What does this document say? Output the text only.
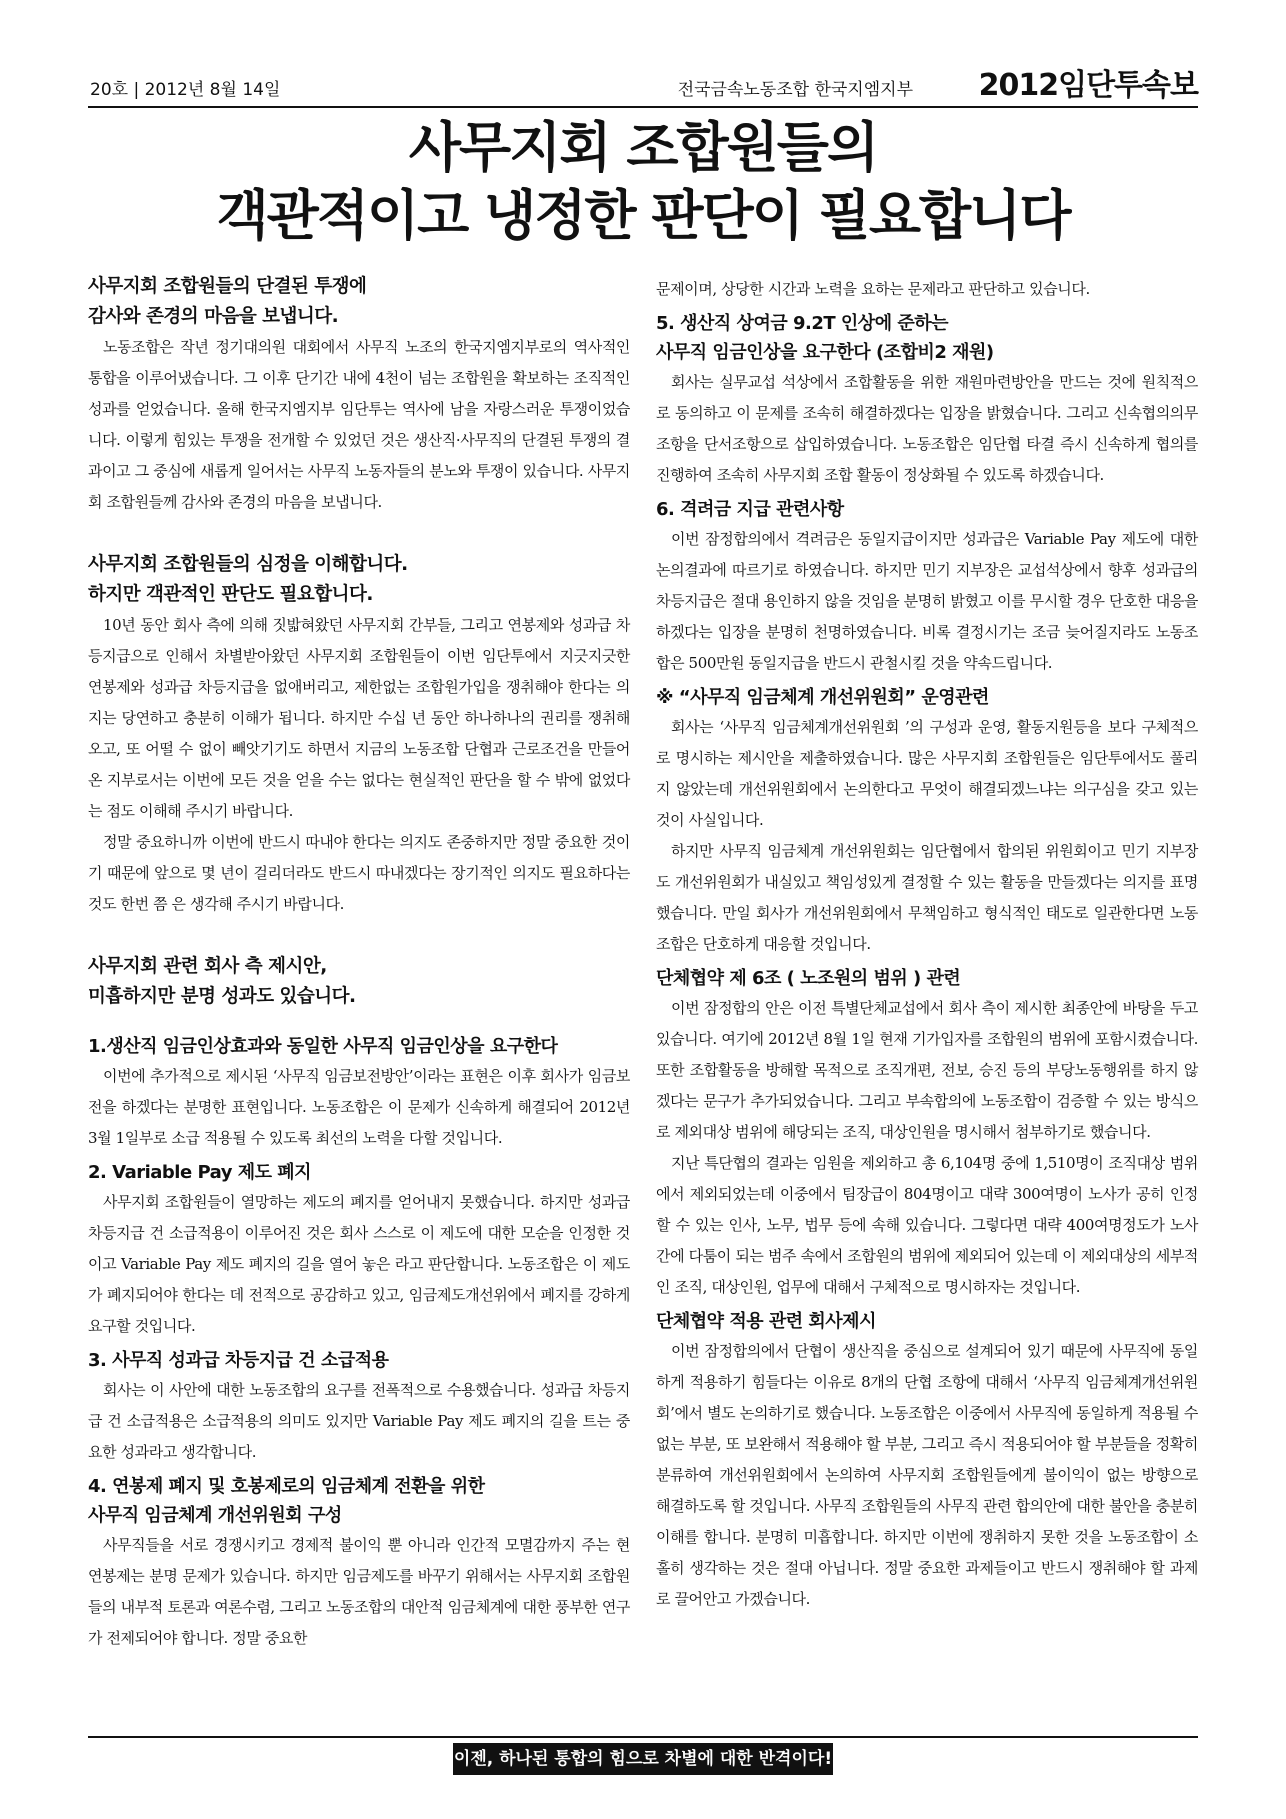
20호 | 2012년 8월 14일	전국금속노동조합 한국지엠지부 2012임단투속보
사무지회 조합원들의
객관적이고 냉정한 판단이 필요합니다
사무지회 조합원들의 단결된 투쟁에
감사와 존경의 마음을 보냅니다.
노동조합은 작년 정기대의원 대회에서 사무직 노조의 한국지엠지부로의 역사적인 통합을 이루어냈습니다. 그 이후 단기간 내에 4천이 넘는 조합원을 확보하는 조직적인 성과를 얻었습니다. 올해 한국지엠지부 임단투는 역사에 남을 자랑스러운 투쟁이었습니다. 이렇게 힘있는 투쟁을 전개할 수 있었던 것은 생산직·사무직의 단결된 투쟁의 결과이고 그 중심에 새롭게 일어서는 사무직 노동자들의 분노와 투쟁이 있습니다. 사무지회 조합원들께 감사와 존경의 마음을 보냅니다.
사무지회 조합원들의 심정을 이해합니다.
하지만 객관적인 판단도 필요합니다.
10년 동안 회사 측에 의해 짓밟혀왔던 사무지회 간부들, 그리고 연봉제와 성과급 차등지급으로 인해서 차별받아왔던 사무지회 조합원들이 이번 임단투에서 지긋지긋한 연봉제와 성과급 차등지급을 없애버리고, 제한없는 조합원가입을 쟁취해야 한다는 의지는 당연하고 충분히 이해가 됩니다. 하지만 수십 년 동안 하나하나의 권리를 쟁취해오고, 또 어떨 수 없이 빼앗기기도 하면서 지금의 노동조합 단협과 근로조건을 만들어 온 지부로서는 이번에 모든 것을 얻을 수는 없다는 현실적인 판단을 할 수 밖에 없었다는 점도 이해해 주시기 바랍니다.
정말 중요하니까 이번에 반드시 따내야 한다는 의지도 존중하지만 정말 중요한 것이기 때문에 앞으로 몇 년이 걸리더라도 반드시 따내겠다는 장기적인 의지도 필요하다는 것도 한번 쯤 은 생각해 주시기 바랍니다.
사무지회 관련 회사 측 제시안,
미흡하지만 분명 성과도 있습니다.
1.생산직 임금인상효과와 동일한 사무직 임금인상을 요구한다
이번에 추가적으로 제시된 ‘사무직 임금보전방안’이라는 표현은 이후 회사가 임금보전을 하겠다는 분명한 표현입니다. 노동조합은 이 문제가 신속하게 해결되어 2012년 3월 1일부로 소급 적용될 수 있도록 최선의 노력을 다할 것입니다.
2. Variable Pay 제도 폐지
사무지회 조합원들이 열망하는 제도의 폐지를 얻어내지 못했습니다. 하지만 성과급 차등지급 건 소급적용이 이루어진 것은 회사 스스로 이 제도에 대한 모순을 인정한 것이고 Variable Pay 제도 폐지의 길을 열어 놓은 라고 판단합니다. 노동조합은 이 제도가 폐지되어야 한다는 데 전적으로 공감하고 있고, 임금제도개선위에서 폐지를 강하게 요구할 것입니다.
3. 사무직 성과급 차등지급 건 소급적용
회사는 이 사안에 대한 노동조합의 요구를 전폭적으로 수용했습니다. 성과급 차등지급 건 소급적용은 소급적용의 의미도 있지만 Variable Pay 제도 폐지의 길을 트는 중요한 성과라고 생각합니다.
4. 연봉제 폐지 및 호봉제로의 임금체계 전환을 위한
사무직 임금체계 개선위원회 구성
사무직들을 서로 경쟁시키고 경제적 불이익 뿐 아니라 인간적 모멸감까지 주는 현 연봉제는 분명 문제가 있습니다. 하지만 임금제도를 바꾸기 위해서는 사무지회 조합원들의 내부적 토론과 여론수렴, 그리고 노동조합의 대안적 임금체계에 대한 풍부한 연구가 전제되어야 합니다. 정말 중요한
문제이며, 상당한 시간과 노력을 요하는 문제라고 판단하고 있습니다.
5. 생산직 상여금 9.2T 인상에 준하는
사무직 임금인상을 요구한다 (조합비2 재원)
회사는 실무교섭 석상에서 조합활동을 위한 재원마련방안을 만드는 것에 원칙적으로 동의하고 이 문제를 조속히 해결하겠다는 입장을 밝혔습니다. 그리고 신속협의의무조항을 단서조항으로 삽입하였습니다. 노동조합은 임단협 타결 즉시 신속하게 협의를 진행하여 조속히 사무지회 조합 활동이 정상화될 수 있도록 하겠습니다.
6. 격려금 지급 관련사항
이번 잠정합의에서 격려금은 동일지급이지만 성과급은 Variable Pay 제도에 대한 논의결과에 따르기로 하였습니다. 하지만 민기 지부장은 교섭석상에서 향후 성과급의 차등지급은 절대 용인하지 않을 것임을 분명히 밝혔고 이를 무시할 경우 단호한 대응을 하겠다는 입장을 분명히 천명하였습니다. 비록 결정시기는 조금 늦어질지라도 노동조합은 500만원 동일지급을 반드시 관철시킬 것을 약속드립니다.
※ “사무직 임금체계 개선위원회” 운영관련
회사는 ‘사무직 임금체계개선위원회 ’의 구성과 운영, 활동지원등을 보다 구체적으로 명시하는 제시안을 제출하였습니다. 많은 사무지회 조합원들은 임단투에서도 풀리지 않았는데 개선위원회에서 논의한다고 무엇이 해결되겠느냐는 의구심을 갖고 있는 것이 사실입니다.
하지만 사무직 임금체계 개선위원회는 임단협에서 합의된 위원회이고 민기 지부장도 개선위원회가 내실있고 책임성있게 결정할 수 있는 활동을 만들겠다는 의지를 표명했습니다. 만일 회사가 개선위원회에서 무책임하고 형식적인 태도로 일관한다면 노동조합은 단호하게 대응할 것입니다.
단체협약 제 6조 ( 노조원의 범위 ) 관련
이번 잠정합의 안은 이전 특별단체교섭에서 회사 측이 제시한 최종안에 바탕을 두고 있습니다. 여기에 2012년 8월 1일 현재 기가입자를 조합원의 범위에 포함시켰습니다. 또한 조합활동을 방해할 목적으로 조직개편, 전보, 승진 등의 부당노동행위를 하지 않겠다는 문구가 추가되었습니다. 그리고 부속합의에 노동조합이 검증할 수 있는 방식으로 제외대상 범위에 해당되는 조직, 대상인원을 명시해서 첨부하기로 했습니다.
지난 특단협의 결과는 임원을 제외하고 총 6,104명 중에 1,510명이 조직대상 범위에서 제외되었는데 이중에서 팀장급이 804명이고 대략 300여명이 노사가 공히 인정할 수 있는 인사, 노무, 법무 등에 속해 있습니다. 그렇다면 대략 400여명정도가 노사간에 다툼이 되는 범주 속에서 조합원의 범위에 제외되어 있는데 이 제외대상의 세부적인 조직, 대상인원, 업무에 대해서 구체적으로 명시하자는 것입니다.
단체협약 적용 관련 회사제시
이번 잠정합의에서 단협이 생산직을 중심으로 설계되어 있기 때문에 사무직에 동일하게 적용하기 힘들다는 이유로 8개의 단협 조항에 대해서 ‘사무직 임금체계개선위원회’에서 별도 논의하기로 했습니다. 노동조합은 이중에서 사무직에 동일하게 적용될 수 없는 부분, 또 보완해서 적용해야 할 부분, 그리고 즉시 적용되어야 할 부분들을 정확히 분류하여 개선위원회에서 논의하여 사무지회 조합원들에게 불이익이 없는 방향으로 해결하도록 할 것입니다. 사무직 조합원들의 사무직 관련 합의안에 대한 불안을 충분히 이해를 합니다. 분명히 미흡합니다. 하지만 이번에 쟁취하지 못한 것을 노동조합이 소홀히 생각하는 것은 절대 아닙니다. 정말 중요한 과제들이고 반드시 쟁취해야 할 과제로 끌어안고 가겠습니다.
이젠, 하나된 통합의 힘으로 차별에 대한 반격이다!
